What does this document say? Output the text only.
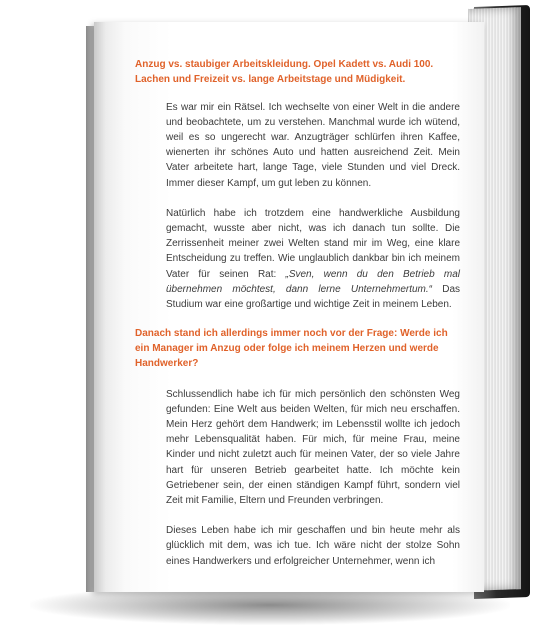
Anzug vs. staubiger Arbeitskleidung. Opel Kadett vs. Audi 100. Lachen und Freizeit vs. lange Arbeitstage und Müdigkeit.

Es war mir ein Rätsel. Ich wechselte von einer Welt in die andere und beobachtete, um zu verstehen. Manchmal wurde ich wütend, weil es so ungerecht war. Anzugträger schlürfen ihren Kaffee, wienerten ihr schönes Auto und hatten ausreichend Zeit. Mein Vater arbeitete hart, lange Tage, viele Stunden und viel Dreck. Immer dieser Kampf, um gut leben zu können.

Natürlich habe ich trotzdem eine handwerkliche Ausbildung gemacht, wusste aber nicht, was ich danach tun sollte. Die Zerrissenheit meiner zwei Welten stand mir im Weg, eine klare Entscheidung zu treffen. Wie unglaublich dankbar bin ich meinem Vater für seinen Rat: „Sven, wenn du den Betrieb mal übernehmen möchtest, dann lerne Unternehmertum.“ Das Studium war eine großartige und wichtige Zeit in meinem Leben.

Danach stand ich allerdings immer noch vor der Frage: Werde ich ein Manager im Anzug oder folge ich meinem Herzen und werde Handwerker?

Schlussendlich habe ich für mich persönlich den schönsten Weg gefunden: Eine Welt aus beiden Welten, für mich neu erschaffen. Mein Herz gehört dem Handwerk; im Lebensstil wollte ich jedoch mehr Lebensqualität haben. Für mich, für meine Frau, meine Kinder und nicht zuletzt auch für meinen Vater, der so viele Jahre hart für unseren Betrieb gearbeitet hatte. Ich möchte kein Getriebener sein, der einen ständigen Kampf führt, sondern viel Zeit mit Familie, Eltern und Freunden verbringen.

Dieses Leben habe ich mir geschaffen und bin heute mehr als glücklich mit dem, was ich tue. Ich wäre nicht der stolze Sohn eines Handwerkers und erfolgreicher Unternehmer, wenn ich
